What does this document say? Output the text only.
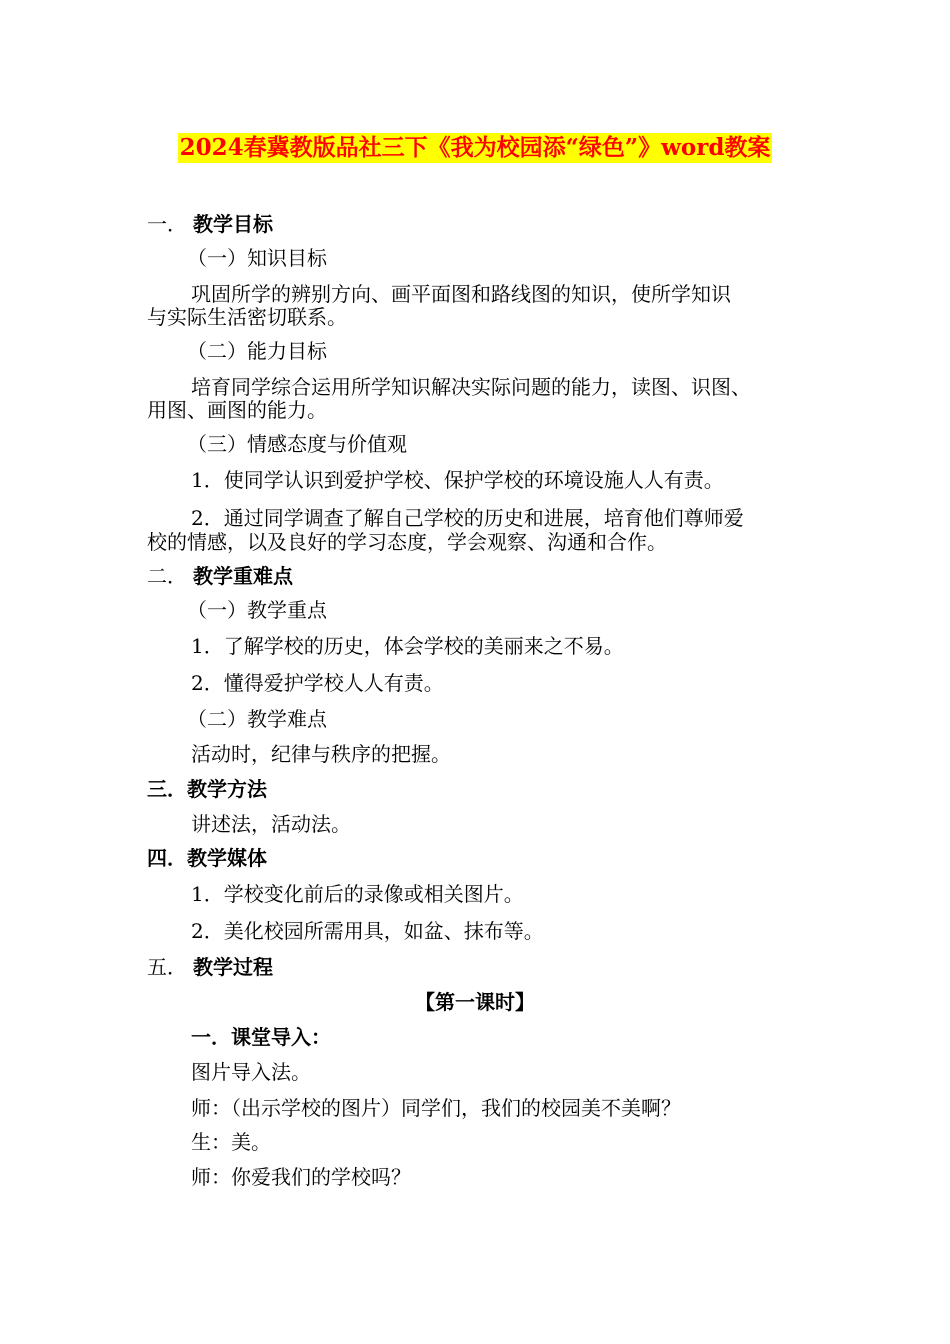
2024春冀教版品社三下《我为校园添“绿色”》word教案
一． 教学目标
（一）知识目标
巩固所学的辨别方向、画平面图和路线图的知识，使所学知识
与实际生活密切联系。
（二）能力目标
培育同学综合运用所学知识解决实际问题的能力，读图、识图、
用图、画图的能力。
（三）情感态度与价值观
1．使同学认识到爱护学校、保护学校的环境设施人人有责。
2．通过同学调查了解自己学校的历史和进展，培育他们尊师爱
校的情感，以及良好的学习态度，学会观察、沟通和合作。
二． 教学重难点
（一）教学重点
1．了解学校的历史，体会学校的美丽来之不易。
2．懂得爱护学校人人有责。
（二）教学难点
活动时，纪律与秩序的把握。
三．教学方法
讲述法，活动法。
四．教学媒体
1．学校变化前后的录像或相关图片。
2．美化校园所需用具，如盆、抹布等。
五． 教学过程
【第一课时】
一．课堂导入：
图片导入法。
师：（出示学校的图片）同学们，我们的校园美不美啊？
生：美。
师：你爱我们的学校吗？
